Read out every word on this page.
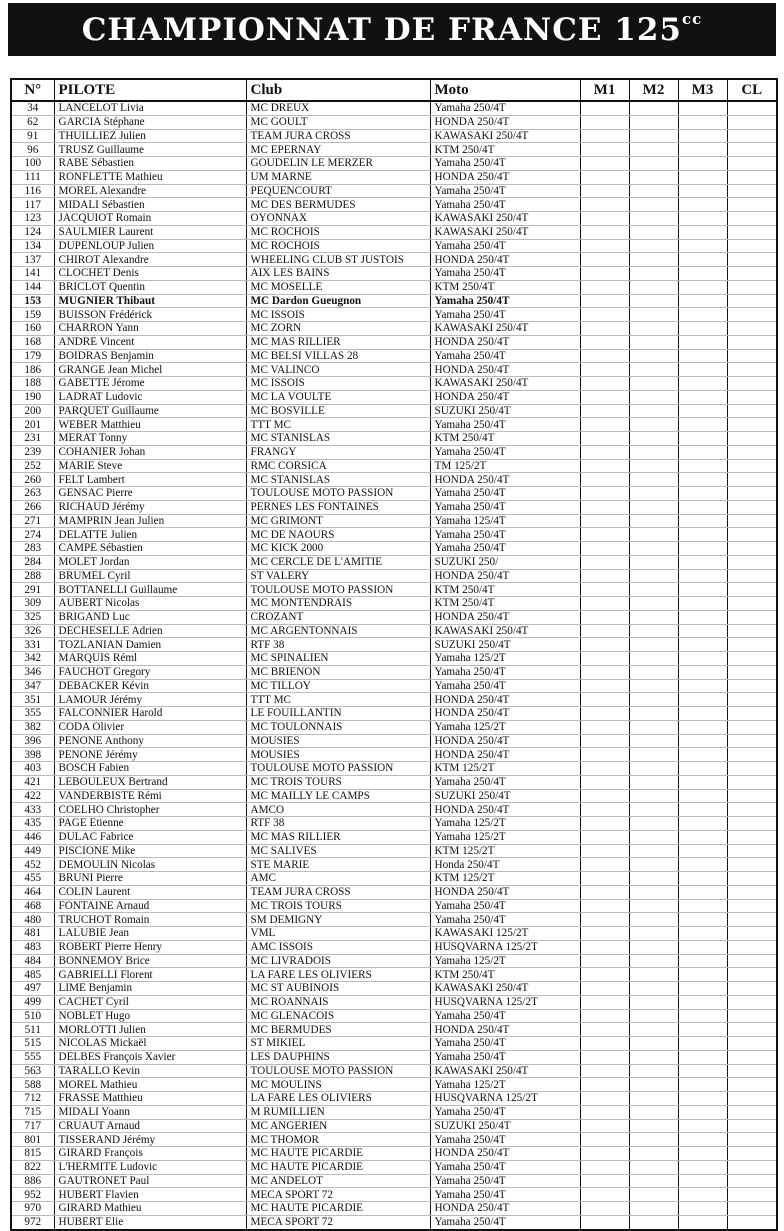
CHAMPIONNAT DE FRANCE $125^{cc}$
N°	PILOTE	Club	Moto	M1	M2	M3	CL
34	LANCELOT Livia	MC DREUX	Yamaha 250/4T				
62	GARCIA Stéphane	MC GOULT	HONDA 250/4T				
91	THUILLIEZ Julien	TEAM JURA CROSS	KAWASAKI 250/4T				
96	TRUSZ Guillaume	MC EPERNAY	KTM 250/4T				
100	RABE Sébastien	GOUDELIN LE MERZER	Yamaha 250/4T				
111	RONFLETTE Mathieu	UM MARNE	HONDA 250/4T				
116	MOREL Alexandre	PEQUENCOURT	Yamaha 250/4T				
117	MIDALI Sébastien	MC DES BERMUDES	Yamaha 250/4T				
123	JACQUIOT Romain	OYONNAX	KAWASAKI 250/4T				
124	SAULMIER Laurent	MC ROCHOIS	KAWASAKI 250/4T				
134	DUPENLOUP Julien	MC ROCHOIS	Yamaha 250/4T				
137	CHIROT Alexandre	WHEELING CLUB ST JUSTOIS	HONDA 250/4T				
141	CLOCHET Denis	AIX LES BAINS	Yamaha 250/4T				
144	BRICLOT Quentin	MC MOSELLE	KTM 250/4T				
153	MUGNIER Thibaut	MC Dardon Gueugnon	Yamaha 250/4T				
159	BUISSON Frédérick	MC ISSOIS	Yamaha 250/4T				
160	CHARRON Yann	MC ZORN	KAWASAKI 250/4T				
168	ANDRE Vincent	MC MAS RILLIER	HONDA 250/4T				
179	BOIDRAS Benjamin	MC BELSI VILLAS 28	Yamaha 250/4T				
186	GRANGE Jean Michel	MC VALINCO	HONDA 250/4T				
188	GABETTE Jérome	MC ISSOIS	KAWASAKI 250/4T				
190	LADRAT Ludovic	MC LA VOULTE	HONDA 250/4T				
200	PARQUET Guillaume	MC BOSVILLE	SUZUKI 250/4T				
201	WEBER Matthieu	TTT MC	Yamaha 250/4T				
231	MERAT Tonny	MC STANISLAS	KTM 250/4T				
239	COHANIER Johan	FRANGY	Yamaha 250/4T				
252	MARIE Steve	RMC CORSICA	TM 125/2T				
260	FELT Lambert	MC STANISLAS	HONDA 250/4T				
263	GENSAC Pierre	TOULOUSE MOTO PASSION	Yamaha 250/4T				
266	RICHAUD Jérémy	PERNES LES FONTAINES	Yamaha 250/4T				
271	MAMPRIN Jean Julien	MC GRIMONT	Yamaha 125/4T				
274	DELATTE Julien	MC DE NAOURS	Yamaha 250/4T				
283	CAMPE Sébastien	MC KICK 2000	Yamaha 250/4T				
284	MOLET Jordan	MC CERCLE DE L'AMITIE	SUZUKI 250/				
288	BRUMEL Cyril	ST VALERY	HONDA 250/4T				
291	BOTTANELLI Guillaume	TOULOUSE MOTO PASSION	KTM 250/4T				
309	AUBERT Nicolas	MC MONTENDRAIS	KTM 250/4T				
325	BRIGAND Luc	CROZANT	HONDA 250/4T				
326	DECHESELLE Adrien	MC ARGENTONNAIS	KAWASAKI 250/4T				
331	TOZLANIAN Damien	RTF 38	SUZUKI 250/4T				
342	MARQUIS Réml	MC SPINALIEN	Yamaha 125/2T				
346	FAUCHOT Gregory	MC BRIENON	Yamaha 250/4T				
347	DEBACKER Kévin	MC TILLOY	Yamaha 250/4T				
351	LAMOUR Jérémy	TTT MC	HONDA 250/4T				
355	FALCONNIER Harold	LE FOUILLANTIN	HONDA 250/4T				
382	CODA Olivier	MC TOULONNAIS	Yamaha 125/2T				
396	PENONE Anthony	MOUSIES	HONDA 250/4T				
398	PENONE Jérémy	MOUSIES	HONDA 250/4T				
403	BOSCH Fabien	TOULOUSE MOTO PASSION	KTM 125/2T				
421	LEBOULEUX Bertrand	MC TROIS TOURS	Yamaha 250/4T				
422	VANDERBISTE Rémi	MC MAILLY LE CAMPS	SUZUKI 250/4T				
433	COELHO Christopher	AMCO	HONDA 250/4T				
435	PAGE Etienne	RTF 38	Yamaha 125/2T				
446	DULAC Fabrice	MC MAS RILLIER	Yamaha 125/2T				
449	PISCIONE Mike	MC SALIVES	KTM 125/2T				
452	DEMOULIN Nicolas	STE MARIE	Honda 250/4T				
455	BRUNI Pierre	AMC	KTM 125/2T				
464	COLIN Laurent	TEAM JURA CROSS	HONDA 250/4T				
468	FONTAINE Arnaud	MC TROIS TOURS	Yamaha 250/4T				
480	TRUCHOT Romain	SM DEMIGNY	Yamaha 250/4T				
481	LALUBIE Jean	VML	KAWASAKI 125/2T				
483	ROBERT Pierre Henry	AMC ISSOIS	HUSQVARNA 125/2T				
484	BONNEMOY Brice	MC LIVRADOIS	Yamaha 125/2T				
485	GABRIELLI Florent	LA FARE LES OLIVIERS	KTM 250/4T				
497	LIME Benjamin	MC ST AUBINOIS	KAWASAKI 250/4T				
499	CACHET Cyril	MC ROANNAIS	HUSQVARNA 125/2T				
510	NOBLET Hugo	MC GLENACOIS	Yamaha 250/4T				
511	MORLOTTI Julien	MC BERMUDES	HONDA 250/4T				
515	NICOLAS Mickaël	ST MIKIEL	Yamaha 250/4T				
555	DELBES François Xavier	LES DAUPHINS	Yamaha 250/4T				
563	TARALLO Kevin	TOULOUSE MOTO PASSION	KAWASAKI 250/4T				
588	MOREL Mathieu	MC MOULINS	Yamaha 125/2T				
712	FRASSE Matthieu	LA FARE LES OLIVIERS	HUSQVARNA 125/2T				
715	MIDALI Yoann	M RUMILLIEN	Yamaha 250/4T				
717	CRUAUT Arnaud	MC ANGERIEN	SUZUKI 250/4T				
801	TISSERAND Jérémy	MC THOMOR	Yamaha 250/4T				
815	GIRARD François	MC HAUTE PICARDIE	HONDA 250/4T				
822	L'HERMITE Ludovic	MC HAUTE PICARDIE	Yamaha 250/4T				
886	GAUTRONET Paul	MC ANDELOT	Yamaha 250/4T				
952	HUBERT Flavien	MECA SPORT 72	Yamaha 250/4T				
970	GIRARD Mathieu	MC HAUTE PICARDIE	HONDA 250/4T				
972	HUBERT Elie	MECA SPORT 72	Yamaha 250/4T				
